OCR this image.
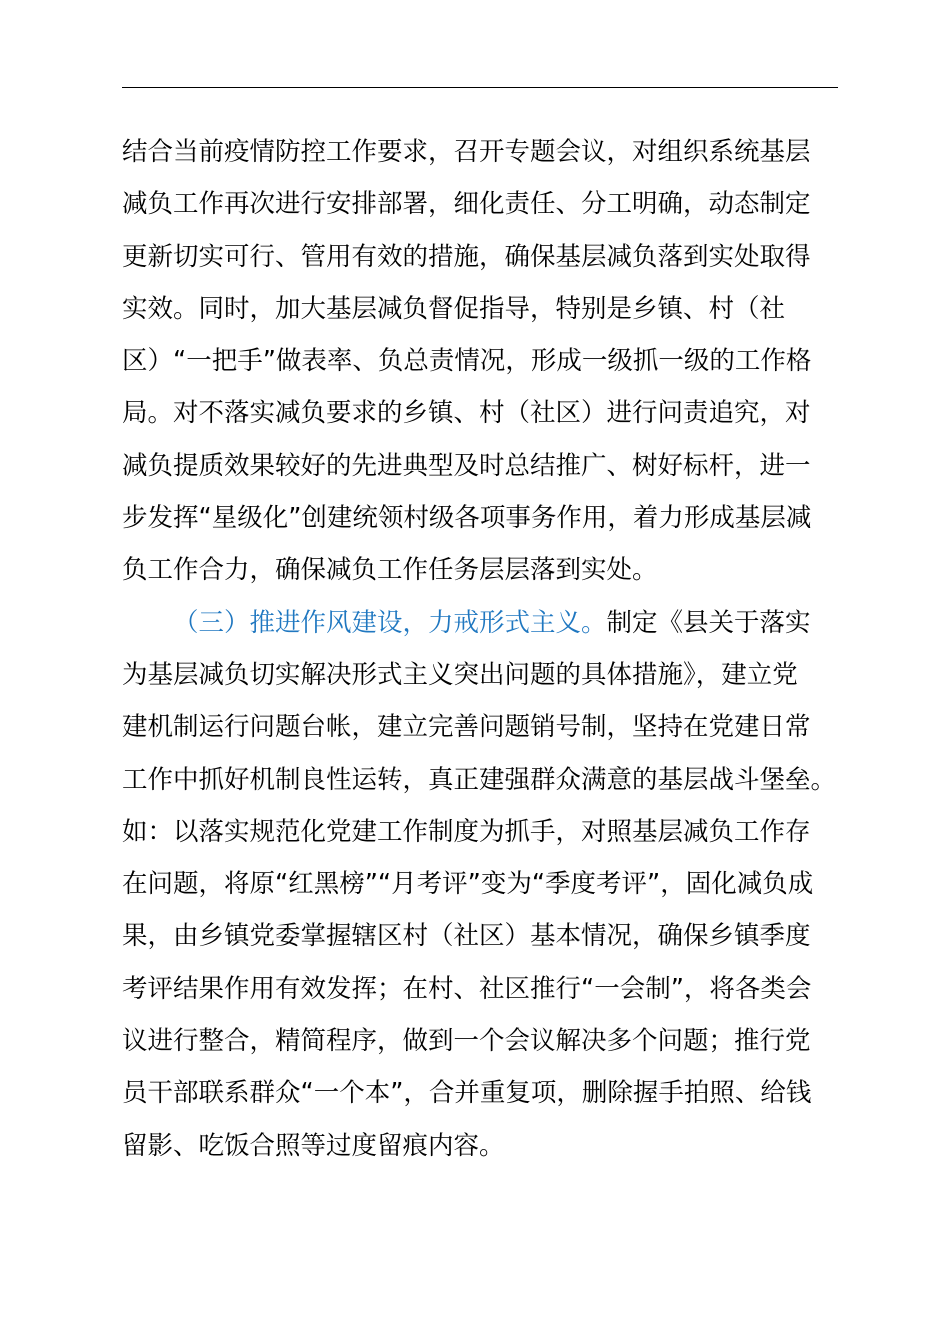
结合当前疫情防控工作要求，召开专题会议，对组织系统基层
减负工作再次进行安排部署，细化责任、分工明确，动态制定
更新切实可行、管用有效的措施，确保基层减负落到实处取得
实效。同时，加大基层减负督促指导，特别是乡镇、村（社
区）“一把手”做表率、负总责情况，形成一级抓一级的工作格
局。对不落实减负要求的乡镇、村（社区）进行问责追究，对
减负提质效果较好的先进典型及时总结推广、树好标杆，进一
步发挥“星级化”创建统领村级各项事务作用，着力形成基层减
负工作合力，确保减负工作任务层层落到实处。
（三）推进作风建设，力戒形式主义。制定《县关于落实
为基层减负切实解决形式主义突出问题的具体措施》，建立党
建机制运行问题台帐，建立完善问题销号制，坚持在党建日常
工作中抓好机制良性运转，真正建强群众满意的基层战斗堡垒。
如：以落实规范化党建工作制度为抓手，对照基层减负工作存
在问题，将原“红黑榜”“月考评”变为“季度考评”，固化减负成
果，由乡镇党委掌握辖区村（社区）基本情况，确保乡镇季度
考评结果作用有效发挥；在村、社区推行“一会制”，将各类会
议进行整合，精简程序，做到一个会议解决多个问题；推行党
员干部联系群众“一个本”，合并重复项，删除握手拍照、给钱
留影、吃饭合照等过度留痕内容。
